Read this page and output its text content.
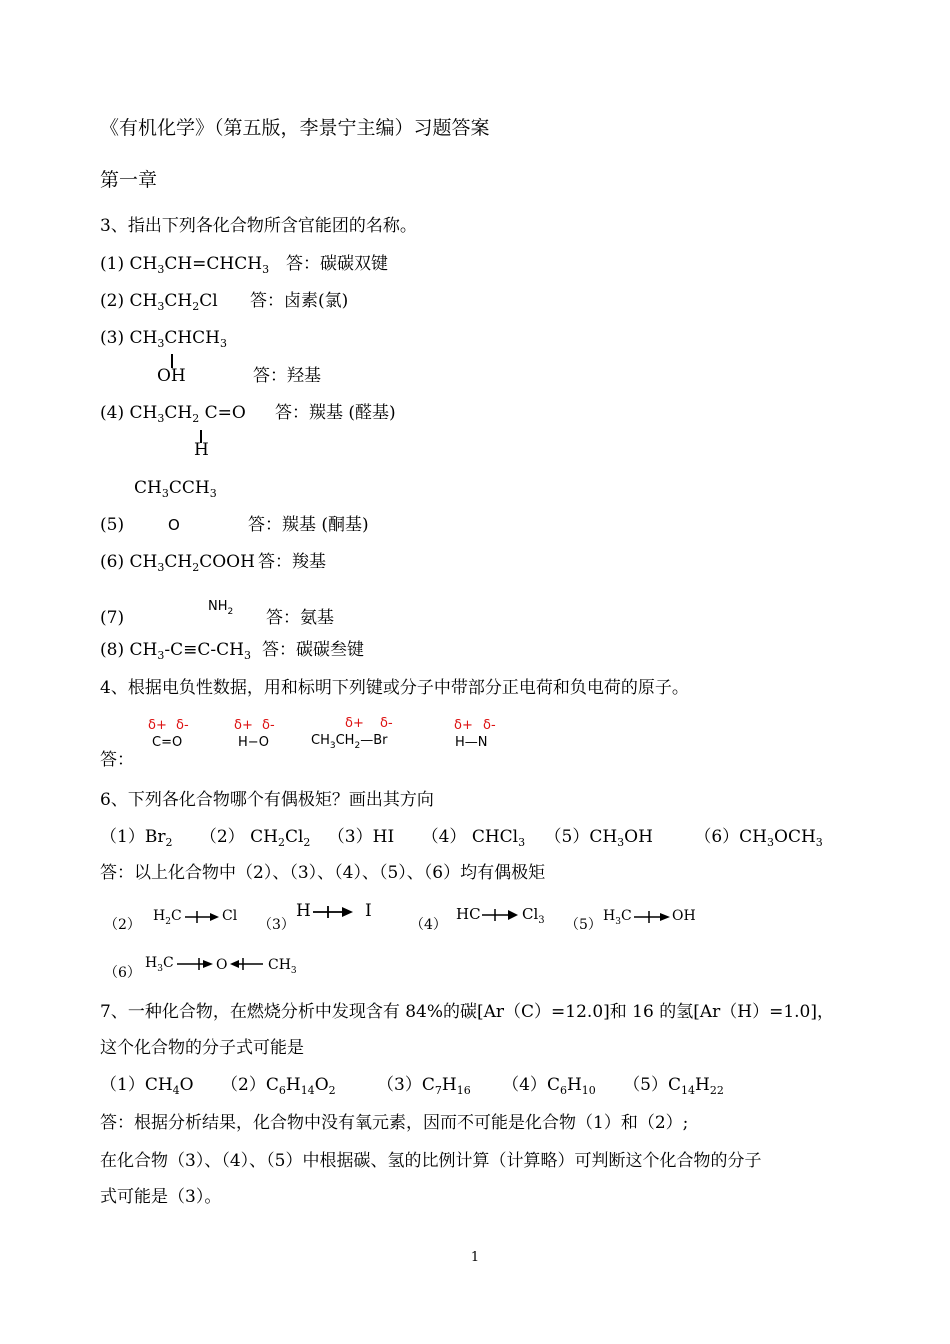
《有机化学》（第五版，李景宁主编）习题答案
第一章
3、指出下列各化合物所含官能团的名称。
(1) $CH_3CH=CHCH_3$ 答：碳碳双键
(2) $CH_3CH_2Cl$ 答：卤素(氯)
(3) $CH_3CHCH_3$
OH	答：羟基
(4) $CH_3CH_2$ C=O
H
答：羰基 (醛基)
$CH_3CCH_3$
(5)	O	答：羰基 (酮基)
(6) $CH_3CH_2COOH$ 答：羧基
$NH_2$
(7)	答：氨基
(8) $CH_3-C\equiv C-CH_3$ 答：碳碳叁键
4、根据电负性数据，用和标明下列键或分子中带部分正电荷和负电荷的原子。
δ+ δ-
C=O
δ+ δ-
H−O
δ+ δ-
$CH_3CH_2—Br$
δ+ δ-
H—N
答：
6、下列各化合物哪个有偶极矩？画出其方向
$(1)Br_2$ （2） $CH_2Cl_2$ （3）HI （4） CHCl$_3$ $(5)CH_3OH$ $(6)CH_3OCH_3$
答：以上化合物中（2）、（3）、（4）、（5）、（6）均有偶极矩
（2）
$H_2C$	Cl
（3）
H	I
（4）
HC	$Cl_3$ （5）
$H_3C$	OH
（6）
$H_3C$	O	$CH_3$
7、一种化合物，在燃烧分析中发现含有 84%的碳[Ar（C）=12.0]和 16 的氢[Ar（H）=1.0]，
这个化合物的分子式可能是
$(1)CH_4O$ $(2)C_6H_{14}O_2$ $(3)C_7H_{16}$ $(4)C_6H_{10}$ $(5)C_{14}H_{22}$
答：根据分析结果，化合物中没有氧元素，因而不可能是化合物（1）和（2）;
在化合物（3）、（4）、（5）中根据碳、氢的比例计算（计算略）可判断这个化合物的分子
式可能是（3）。
1
